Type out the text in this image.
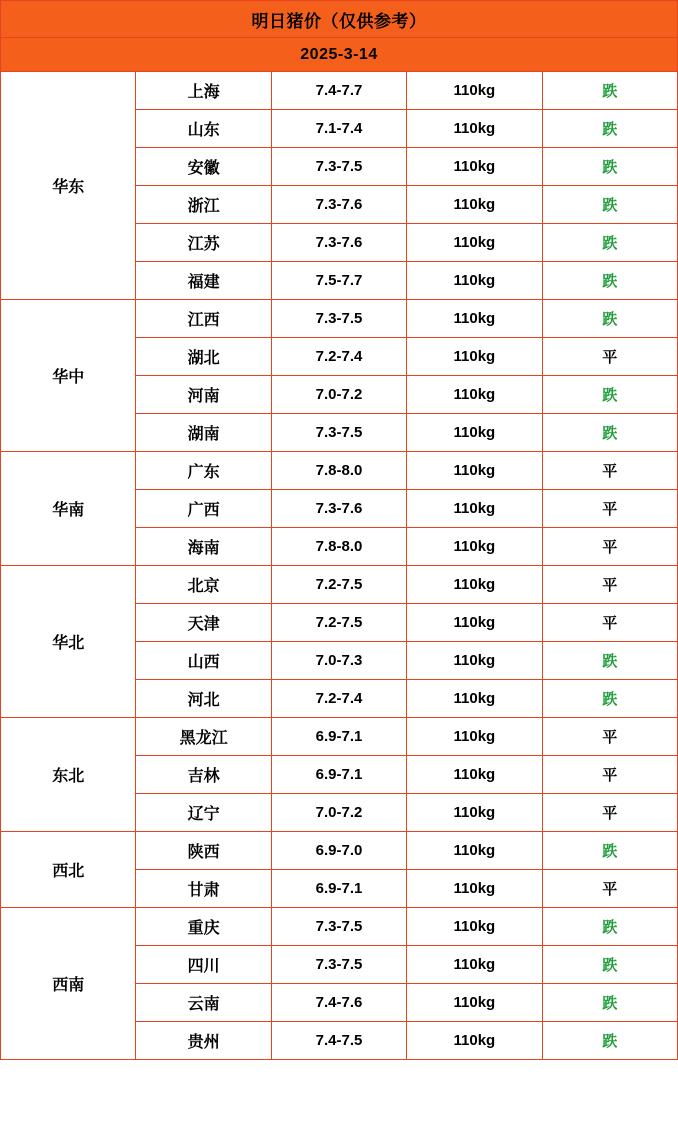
明日猪价（仅供参考）				
2025-3-14				
华东	上海	7.4-7.7	110kg	跌
	山东	7.1-7.4	110kg	跌
	安徽	7.3-7.5	110kg	跌
	浙江	7.3-7.6	110kg	跌
	江苏	7.3-7.6	110kg	跌
	福建	7.5-7.7	110kg	跌
华中	江西	7.3-7.5	110kg	跌
	湖北	7.2-7.4	110kg	平
	河南	7.0-7.2	110kg	跌
	湖南	7.3-7.5	110kg	跌
华南	广东	7.8-8.0	110kg	平
	广西	7.3-7.6	110kg	平
	海南	7.8-8.0	110kg	平
华北	北京	7.2-7.5	110kg	平
	天津	7.2-7.5	110kg	平
	山西	7.0-7.3	110kg	跌
	河北	7.2-7.4	110kg	跌
东北	黑龙江	6.9-7.1	110kg	平
	吉林	6.9-7.1	110kg	平
	辽宁	7.0-7.2	110kg	平
西北	陕西	6.9-7.0	110kg	跌
	甘肃	6.9-7.1	110kg	平
西南	重庆	7.3-7.5	110kg	跌
	四川	7.3-7.5	110kg	跌
	云南	7.4-7.6	110kg	跌
	贵州	7.4-7.5	110kg	跌
